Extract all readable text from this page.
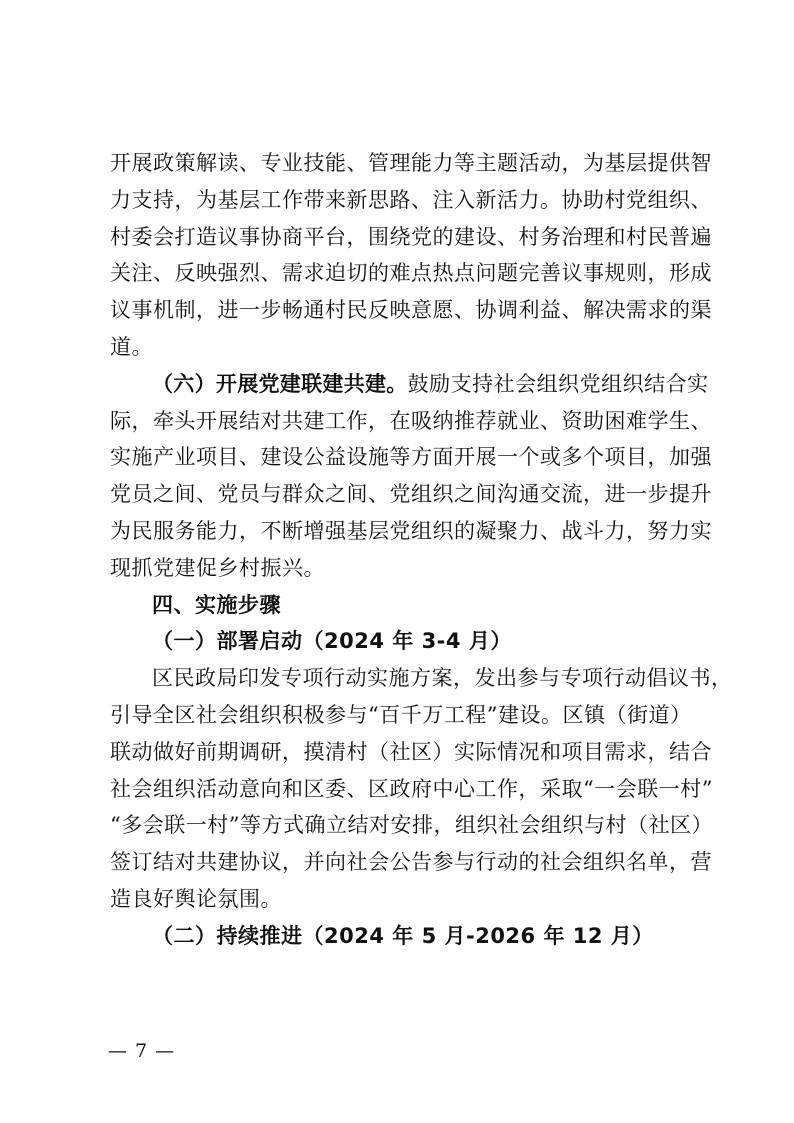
开展政策解读、专业技能、管理能力等主题活动，为基层提供智
力支持，为基层工作带来新思路、注入新活力。协助村党组织、
村委会打造议事协商平台，围绕党的建设、村务治理和村民普遍
关注、反映强烈、需求迫切的难点热点问题完善议事规则，形成
议事机制，进一步畅通村民反映意愿、协调利益、解决需求的渠
道。
（六）开展党建联建共建。鼓励支持社会组织党组织结合实
际，牵头开展结对共建工作，在吸纳推荐就业、资助困难学生、
实施产业项目、建设公益设施等方面开展一个或多个项目，加强
党员之间、党员与群众之间、党组织之间沟通交流，进一步提升
为民服务能力，不断增强基层党组织的凝聚力、战斗力，努力实
现抓党建促乡村振兴。
四、实施步骤
（一）部署启动（2024 年 3-4 月）
区民政局印发专项行动实施方案，发出参与专项行动倡议书，
引导全区社会组织积极参与“百千万工程”建设。区镇（街道）
联动做好前期调研，摸清村（社区）实际情况和项目需求，结合
社会组织活动意向和区委、区政府中心工作，采取“一会联一村”
“多会联一村”等方式确立结对安排，组织社会组织与村（社区）
签订结对共建协议，并向社会公告参与行动的社会组织名单，营
造良好舆论氛围。
（二）持续推进（2024 年 5 月-2026 年 12 月）
— 7 —
